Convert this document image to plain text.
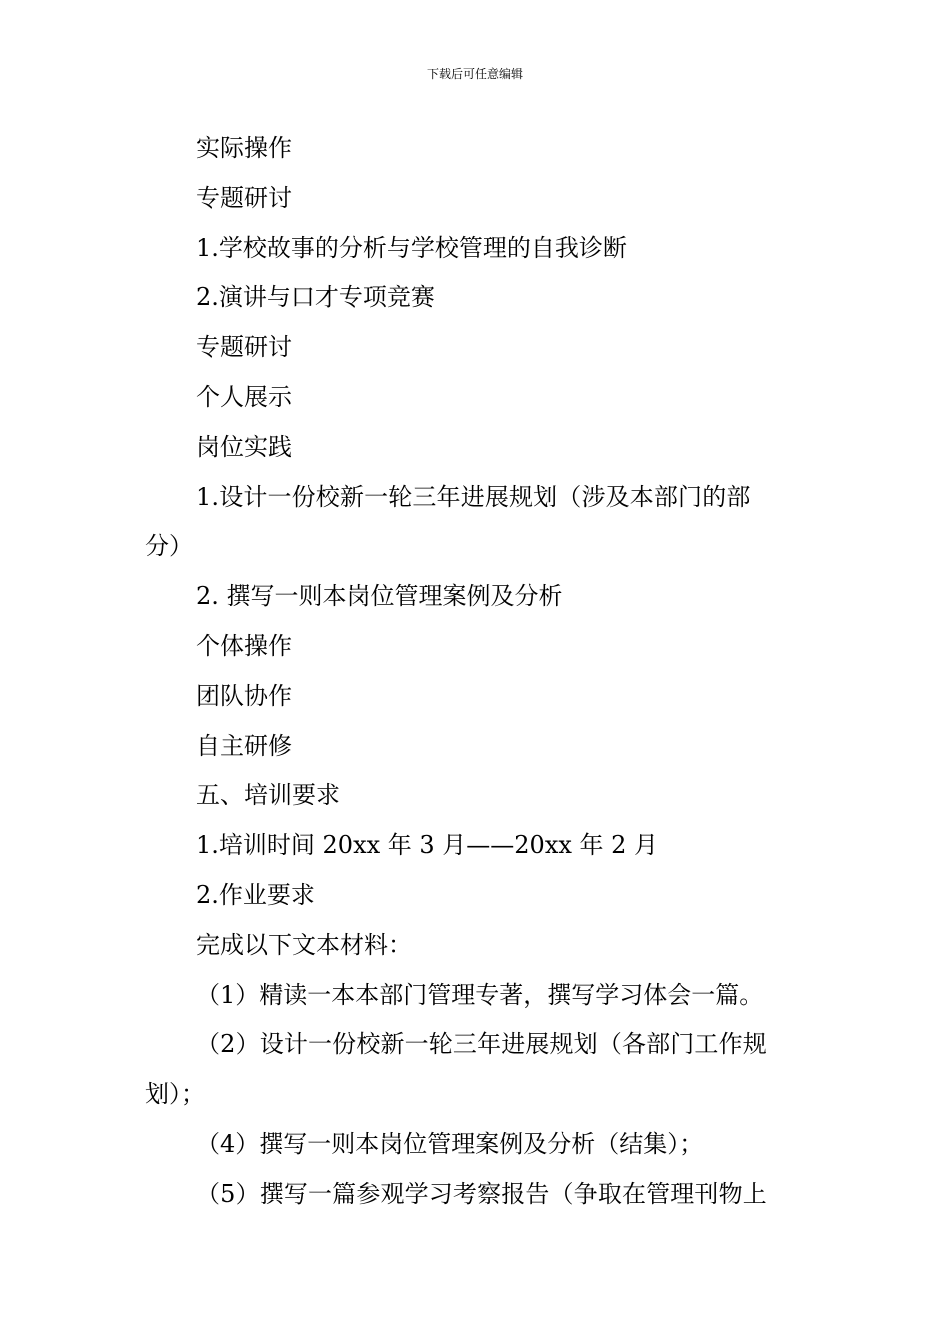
下载后可任意编辑
实际操作
专题研讨
1.学校故事的分析与学校管理的自我诊断
2.演讲与口才专项竞赛
专题研讨
个人展示
岗位实践
1.设计一份校新一轮三年进展规划（涉及本部门的部
分）
2. 撰写一则本岗位管理案例及分析
个体操作
团队协作
自主研修
五、培训要求
1.培训时间 20xx 年 3 月——20xx 年 2 月
2.作业要求
完成以下文本材料：
（1）精读一本本部门管理专著，撰写学习体会一篇。
（2）设计一份校新一轮三年进展规划（各部门工作规
划）；
（4）撰写一则本岗位管理案例及分析（结集）；
（5）撰写一篇参观学习考察报告（争取在管理刊物上
